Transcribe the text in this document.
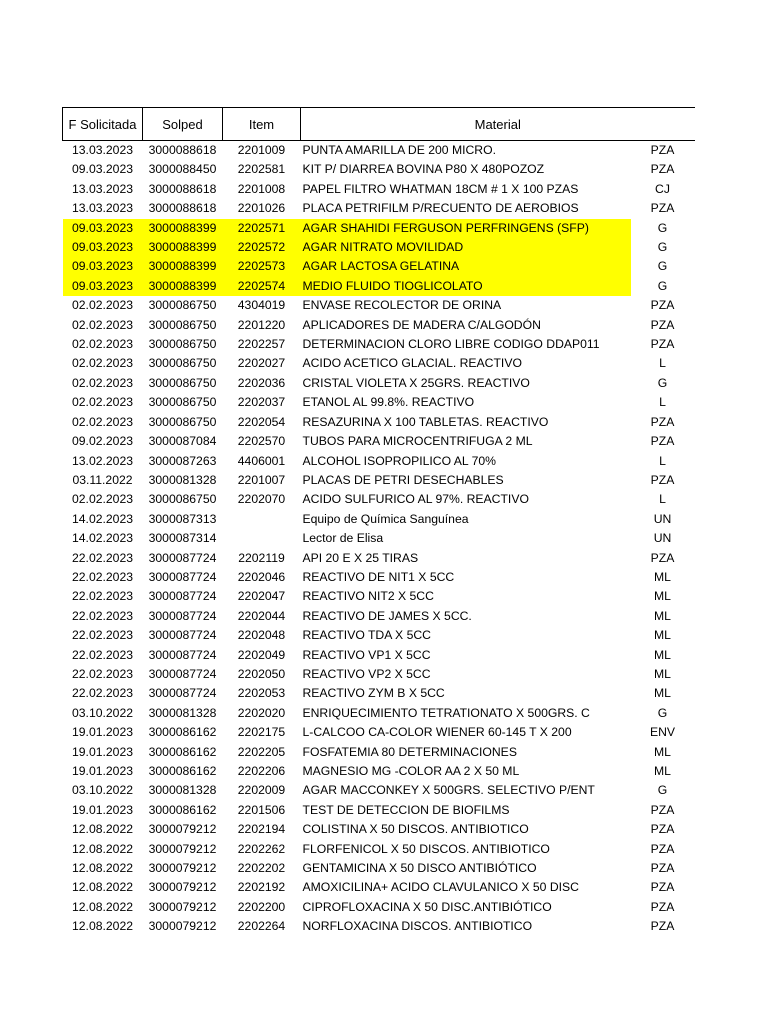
F Solicitada	Solped	Item	Material	
13.03.2023	3000088618	2201009	PUNTA AMARILLA DE 200 MICRO.	PZA
09.03.2023	3000088450	2202581	KIT P/ DIARREA BOVINA P80 X 480POZOZ	PZA
13.03.2023	3000088618	2201008	PAPEL FILTRO WHATMAN 18CM # 1 X 100 PZAS	CJ
13.03.2023	3000088618	2201026	PLACA PETRIFILM P/RECUENTO DE AEROBIOS	PZA
09.03.2023	3000088399	2202571	AGAR SHAHIDI FERGUSON PERFRINGENS (SFP)	G
09.03.2023	3000088399	2202572	AGAR NITRATO MOVILIDAD	G
09.03.2023	3000088399	2202573	AGAR LACTOSA GELATINA	G
09.03.2023	3000088399	2202574	MEDIO FLUIDO TIOGLICOLATO	G
02.02.2023	3000086750	4304019	ENVASE RECOLECTOR DE ORINA	PZA
02.02.2023	3000086750	2201220	APLICADORES DE MADERA C/ALGODÓN	PZA
02.02.2023	3000086750	2202257	DETERMINACION CLORO LIBRE CODIGO DDAP011	PZA
02.02.2023	3000086750	2202027	ACIDO ACETICO GLACIAL. REACTIVO	L
02.02.2023	3000086750	2202036	CRISTAL VIOLETA X 25GRS. REACTIVO	G
02.02.2023	3000086750	2202037	ETANOL AL 99.8%. REACTIVO	L
02.02.2023	3000086750	2202054	RESAZURINA X 100 TABLETAS. REACTIVO	PZA
09.02.2023	3000087084	2202570	TUBOS PARA MICROCENTRIFUGA 2 ML	PZA
13.02.2023	3000087263	4406001	ALCOHOL ISOPROPILICO AL 70%	L
03.11.2022	3000081328	2201007	PLACAS DE PETRI DESECHABLES	PZA
02.02.2023	3000086750	2202070	ACIDO SULFURICO AL 97%. REACTIVO	L
14.02.2023	3000087313		Equipo de Química Sanguínea	UN
14.02.2023	3000087314		Lector de Elisa	UN
22.02.2023	3000087724	2202119	API 20 E X 25 TIRAS	PZA
22.02.2023	3000087724	2202046	REACTIVO DE NIT1 X 5CC	ML
22.02.2023	3000087724	2202047	REACTIVO NIT2 X 5CC	ML
22.02.2023	3000087724	2202044	REACTIVO DE JAMES X 5CC.	ML
22.02.2023	3000087724	2202048	REACTIVO TDA X 5CC	ML
22.02.2023	3000087724	2202049	REACTIVO VP1 X 5CC	ML
22.02.2023	3000087724	2202050	REACTIVO VP2 X 5CC	ML
22.02.2023	3000087724	2202053	REACTIVO ZYM B X 5CC	ML
03.10.2022	3000081328	2202020	ENRIQUECIMIENTO TETRATIONATO X 500GRS. C	G
19.01.2023	3000086162	2202175	L-CALCOO CA-COLOR WIENER 60-145 T X 200	ENV
19.01.2023	3000086162	2202205	FOSFATEMIA 80 DETERMINACIONES	ML
19.01.2023	3000086162	2202206	MAGNESIO MG -COLOR AA 2 X 50 ML	ML
03.10.2022	3000081328	2202009	AGAR MACCONKEY X 500GRS. SELECTIVO P/ENT	G
19.01.2023	3000086162	2201506	TEST DE DETECCION DE BIOFILMS	PZA
12.08.2022	3000079212	2202194	COLISTINA X 50 DISCOS. ANTIBIOTICO	PZA
12.08.2022	3000079212	2202262	FLORFENICOL X 50 DISCOS. ANTIBIOTICO	PZA
12.08.2022	3000079212	2202202	GENTAMICINA X 50 DISCO ANTIBIÓTICO	PZA
12.08.2022	3000079212	2202192	AMOXICILINA+ ACIDO CLAVULANICO X 50 DISC	PZA
12.08.2022	3000079212	2202200	CIPROFLOXACINA X 50 DISC.ANTIBIÓTICO	PZA
12.08.2022	3000079212	2202264	NORFLOXACINA DISCOS. ANTIBIOTICO	PZA
